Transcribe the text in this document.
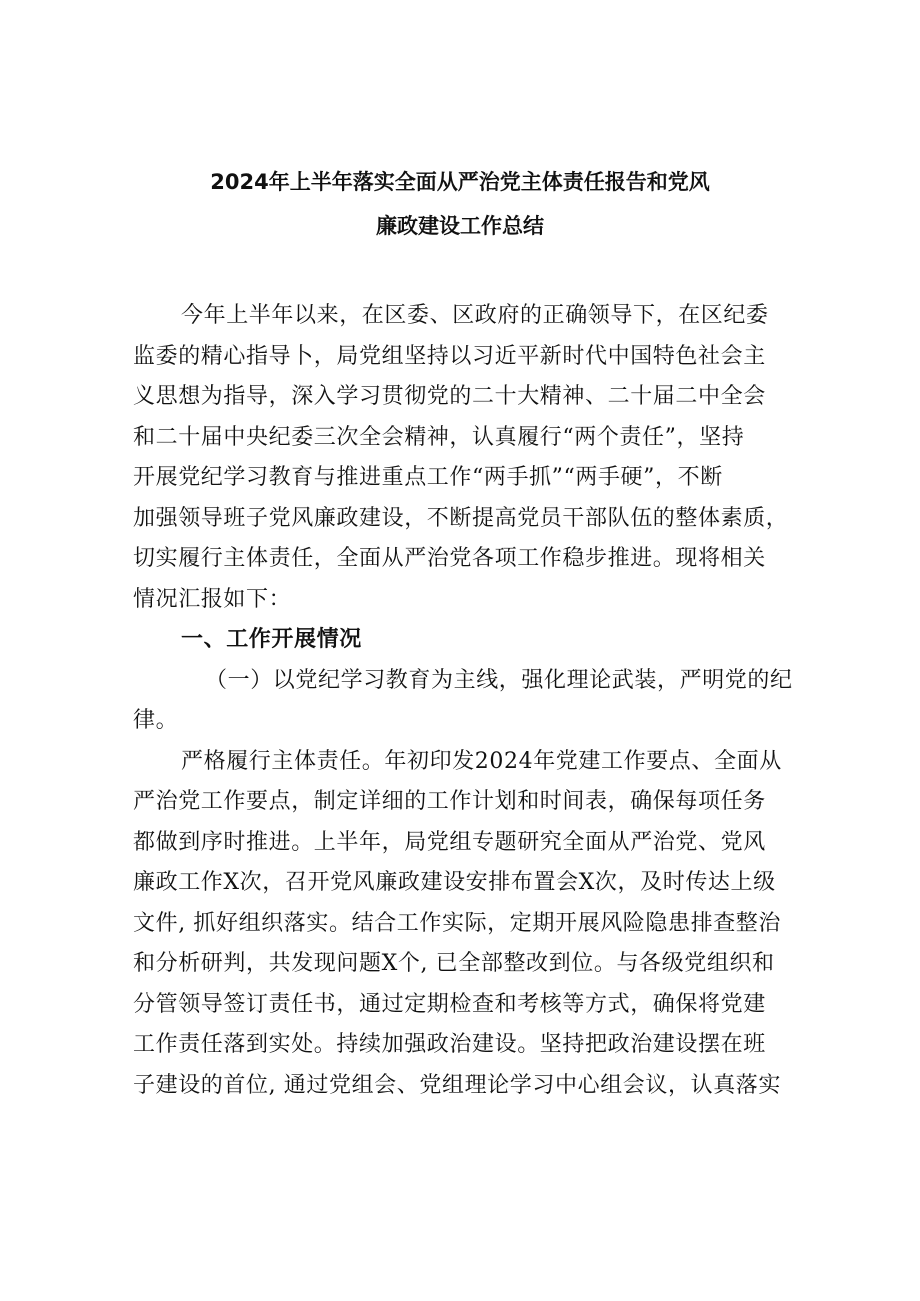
2024年上半年落实全面从严治党主体责任报告和党风
廉政建设工作总结
今年上半年以来，在区委、区政府的正确领导下，在区纪委
监委的精心指导卜，局党组坚持以习近平新时代中国特色社会主
义思想为指导，深入学习贯彻党的二十大精神、二十届二中全会
和二十届中央纪委三次全会精神，认真履行“两个责任”，坚持
开展党纪学习教育与推进重点工作“两手抓”“两手硬”，不断
加强领导班子党风廉政建设，不断提高党员干部队伍的整体素质，
切实履行主体责任，全面从严治党各项工作稳步推进。现将相关
情况汇报如下：
一、工作开展情况
（一）以党纪学习教育为主线，强化理论武装，严明党的纪
律。
严格履行主体责任。年初印发2024年党建工作要点、全面从
严治党工作要点，制定详细的工作计划和时间表，确保每项任务
都做到序时推进。上半年，局党组专题研究全面从严治党、党风
廉政工作X次，召开党风廉政建设安排布置会X次，及时传达上级
文件, 抓好组织落实。结合工作实际，定期开展风险隐患排查整治
和分析研判，共发现问题X个, 已全部整改到位。与各级党组织和
分管领导签订责任书，通过定期检查和考核等方式，确保将党建
工作责任落到实处。持续加强政治建设。坚持把政治建设摆在班
子建设的首位, 通过党组会、党组理论学习中心组会议，认真落实
